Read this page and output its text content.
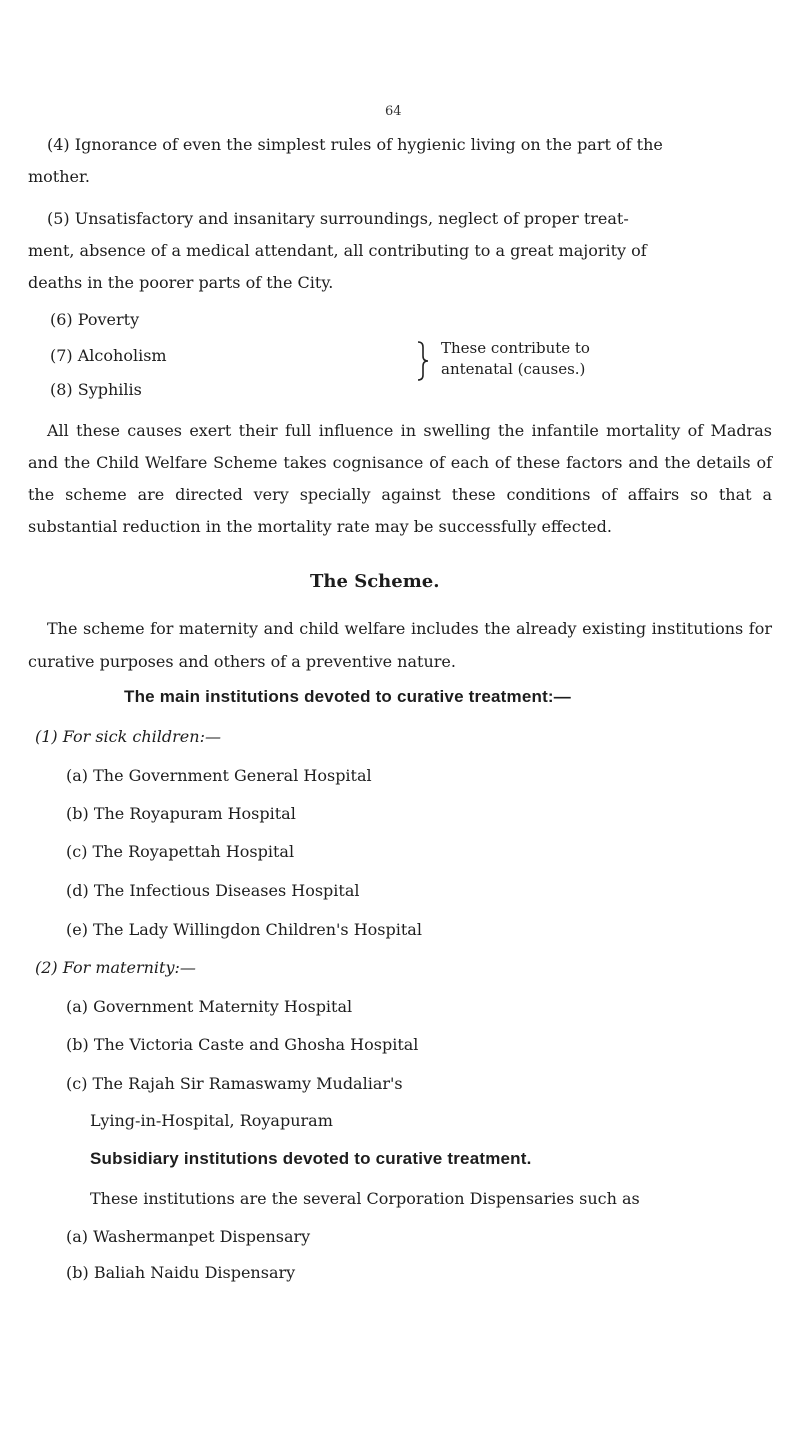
64
(4) Ignorance of even the simplest rules of hygienic living on the part of the
mother.
(5) Unsatisfactory and insanitary surroundings, neglect of proper treat-
ment, absence of a medical attendant, all contributing to a great majority of
deaths in the poorer parts of the City.
(6) Poverty
(7) Alcoholism
(8) Syphilis
These contribute to
antenatal (causes.)
All these causes exert their full influence in swelling the infantile mortality of Madras and the Child Welfare Scheme takes cognisance of each of these factors and the details of the scheme are directed very specially against these conditions of affairs so that a substantial reduction in the mortality rate may be successfully effected.
The Scheme.
The scheme for maternity and child welfare includes the already existing institutions for curative purposes and others of a preventive nature.
The main institutions devoted to curative treatment:—
(1) For sick children:—
(a) The Government General Hospital
(b) The Royapuram Hospital
(c) The Royapettah Hospital
(d) The Infectious Diseases Hospital
(e) The Lady Willingdon Children's Hospital
(2) For maternity:—
(a) Government Maternity Hospital
(b) The Victoria Caste and Ghosha Hospital
(c) The Rajah Sir Ramaswamy Mudaliar's
Lying-in-Hospital, Royapuram
Subsidiary institutions devoted to curative treatment.
These institutions are the several Corporation Dispensaries such as
(a) Washermanpet Dispensary
(b) Baliah Naidu Dispensary
